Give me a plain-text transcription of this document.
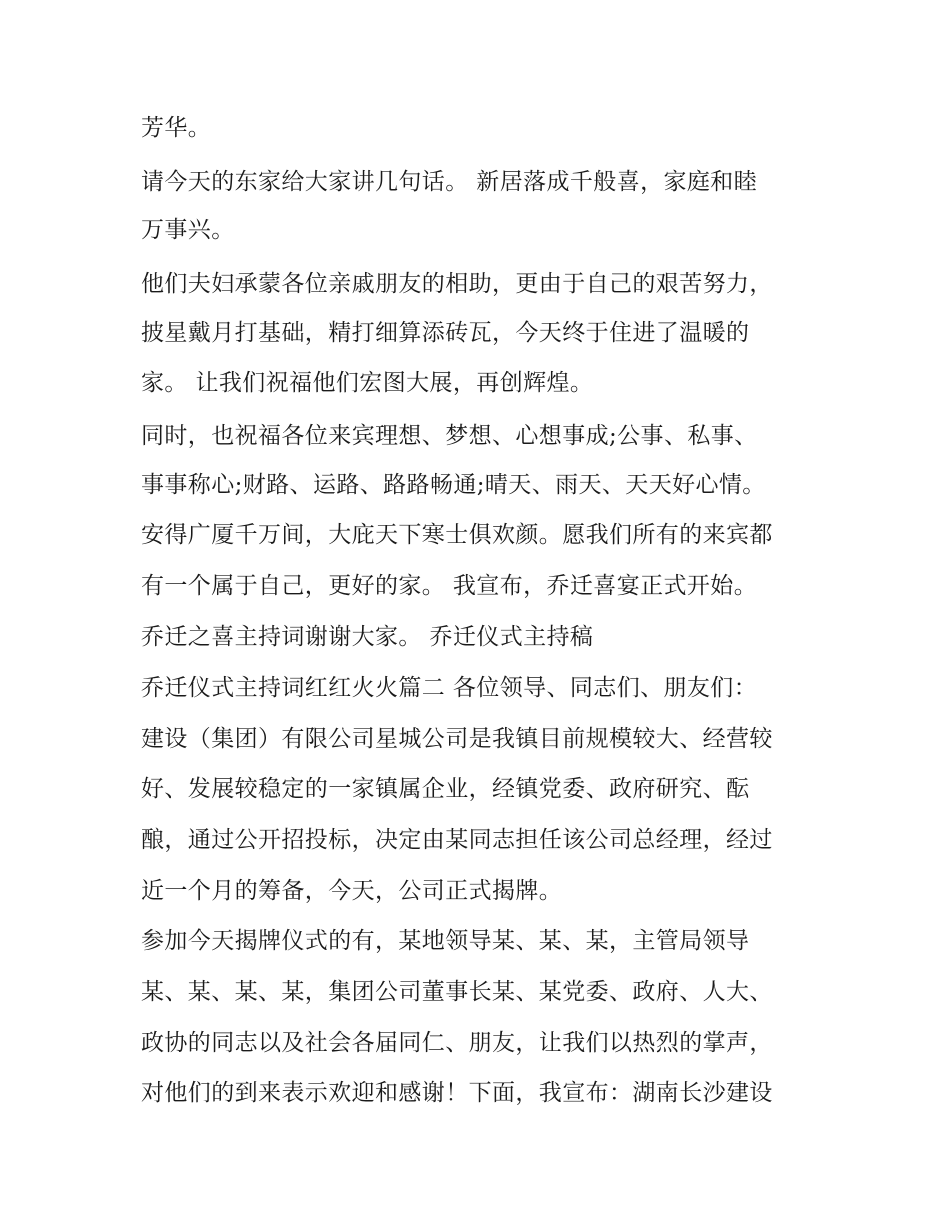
芳华。

请今天的东家给大家讲几句话。 新居落成千般喜，家庭和睦

万事兴。

他们夫妇承蒙各位亲戚朋友的相助，更由于自己的艰苦努力，

披星戴月打基础，精打细算添砖瓦，今天终于住进了温暖的

家。 让我们祝福他们宏图大展，再创辉煌。

同时，也祝福各位来宾理想、梦想、心想事成;公事、私事、

事事称心;财路、运路、路路畅通;晴天、雨天、天天好心情。

安得广厦千万间，大庇天下寒士俱欢颜。愿我们所有的来宾都

有一个属于自己，更好的家。 我宣布，乔迁喜宴正式开始。

乔迁之喜主持词谢谢大家。 乔迁仪式主持稿

乔迁仪式主持词红红火火篇二 各位领导、同志们、朋友们：

建设（集团）有限公司星城公司是我镇目前规模较大、经营较

好、发展较稳定的一家镇属企业，经镇党委、政府研究、酝

酿，通过公开招投标，决定由某同志担任该公司总经理，经过

近一个月的筹备，今天，公司正式揭牌。

参加今天揭牌仪式的有，某地领导某、某、某，主管局领导

某、某、某、某，集团公司董事长某、某党委、政府、人大、

政协的同志以及社会各届同仁、朋友，让我们以热烈的掌声，

对他们的到来表示欢迎和感谢！下面，我宣布：湖南长沙建设
